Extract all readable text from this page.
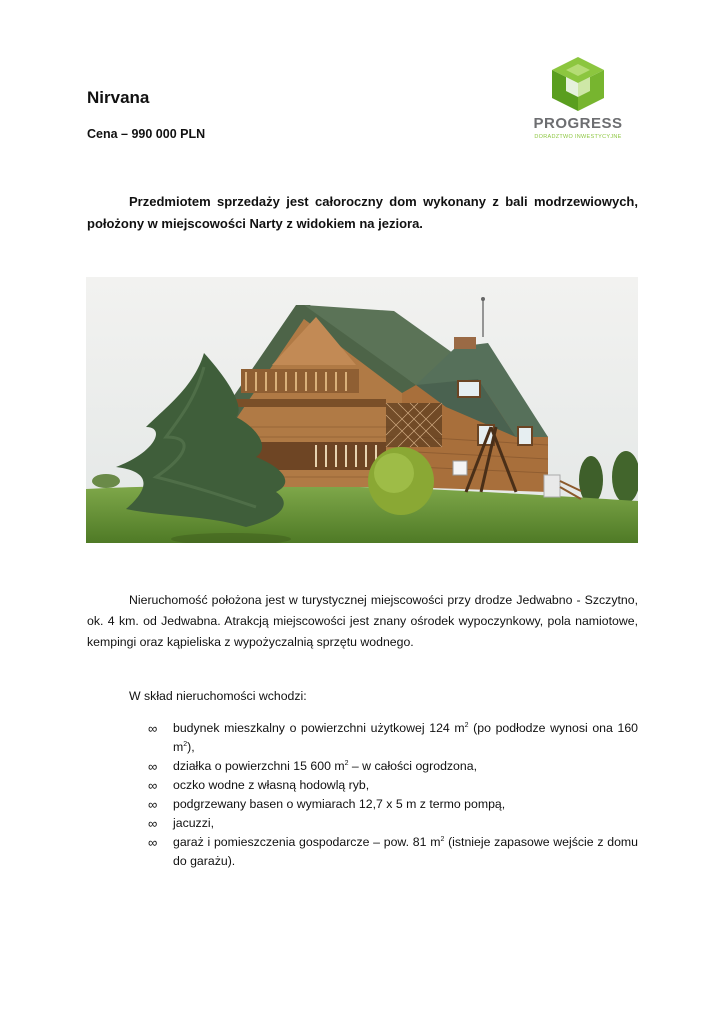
Nirvana
Cena – 990 000 PLN
PROGRESS
DORADZTWO INWESTYCYJNE
Przedmiotem sprzedaży jest całoroczny dom wykonany z bali modrzewiowych, położony w miejscowości Narty z widokiem na jeziora.
Nieruchomość położona jest w turystycznej miejscowości przy drodze Jedwabno - Szczytno, ok. 4 km. od Jedwabna. Atrakcją miejscowości jest znany ośrodek wypoczynkowy, pola namiotowe, kempingi oraz kąpieliska z wypożyczalnią sprzętu wodnego.
W skład nieruchomości wchodzi:
∞ budynek mieszkalny o powierzchni użytkowej 124 $m^2$ (po podłodze wynosi ona 160 $m^2$),
∞ działka o powierzchni 15 600 $m^2$ – w całości ogrodzona,
∞ oczko wodne z własną hodowlą ryb,
∞ podgrzewany basen o wymiarach 12,7 x 5 m z termo pompą,
∞ jacuzzi,
∞ garaż i pomieszczenia gospodarcze – pow. 81 $m^2$ (istnieje zapasowe wejście z domu do garażu).
